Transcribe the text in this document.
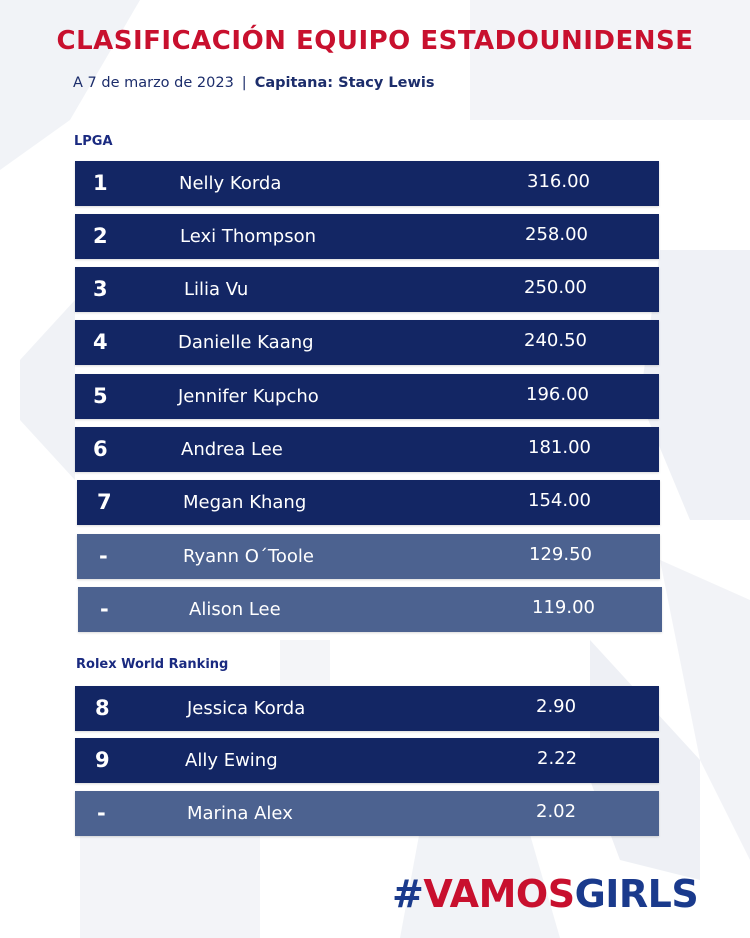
CLASIFICACIÓN EQUIPO ESTADOUNIDENSE
A 7 de marzo de 2023 | Capitana: Stacy Lewis
LPGA
1	Nelly Korda	316.00
2	Lexi Thompson	258.00
3	Lilia Vu	250.00
4	Danielle Kaang	240.50
5	Jennifer Kupcho	196.00
6	Andrea Lee	181.00
7	Megan Khang	154.00
-	Ryann O´Toole	129.50
-	Alison Lee	119.00
Rolex World Ranking
8	Jessica Korda	2.90
9	Ally Ewing	2.22
-	Marina Alex	2.02
#VAMOSGIRLS
